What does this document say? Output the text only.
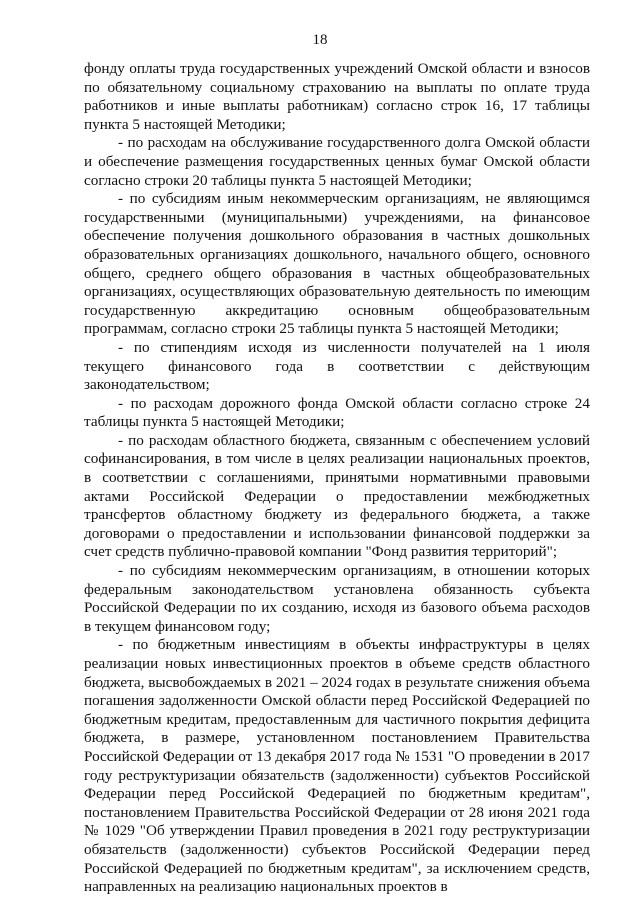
18

фонду оплаты труда государственных учреждений Омской области и взносов по обязательному социальному страхованию на выплаты по оплате труда работников и иные выплаты работникам) согласно строк 16, 17 таблицы пункта 5 настоящей Методики;

- по расходам на обслуживание государственного долга Омской области и обеспечение размещения государственных ценных бумаг Омской области согласно строки 20 таблицы пункта 5 настоящей Методики;

- по субсидиям иным некоммерческим организациям, не являющимся государственными (муниципальными) учреждениями, на финансовое обеспечение получения дошкольного образования в частных дошкольных образовательных организациях дошкольного, начального общего, основного общего, среднего общего образования в частных общеобразовательных организациях, осуществляющих образовательную деятельность по имеющим государственную аккредитацию основным общеобразовательным программам, согласно строки 25 таблицы пункта 5 настоящей Методики;

- по стипендиям исходя из численности получателей на 1 июля текущего финансового года в соответствии с действующим законодательством;

- по расходам дорожного фонда Омской области согласно строке 24 таблицы пункта 5 настоящей Методики;

- по расходам областного бюджета, связанным с обеспечением условий софинансирования, в том числе в целях реализации национальных проектов, в соответствии с соглашениями, принятыми нормативными правовыми актами Российской Федерации о предоставлении межбюджетных трансфертов областному бюджету из федерального бюджета, а также договорами о предоставлении и использовании финансовой поддержки за счет средств публично-правовой компании "Фонд развития территорий";

- по субсидиям некоммерческим организациям, в отношении которых федеральным законодательством установлена обязанность субъекта Российской Федерации по их созданию, исходя из базового объема расходов в текущем финансовом году;

- по бюджетным инвестициям в объекты инфраструктуры в целях реализации новых инвестиционных проектов в объеме средств областного бюджета, высвобождаемых в 2021 – 2024 годах в результате снижения объема погашения задолженности Омской области перед Российской Федерацией по бюджетным кредитам, предоставленным для частичного покрытия дефицита бюджета, в размере, установленном постановлением Правительства Российской Федерации от 13 декабря 2017 года № 1531 "О проведении в 2017 году реструктуризации обязательств (задолженности) субъектов Российской Федерации перед Российской Федерацией по бюджетным кредитам", постановлением Правительства Российской Федерации от 28 июня 2021 года № 1029 "Об утверждении Правил проведения в 2021 году реструктуризации обязательств (задолженности) субъектов Российской Федерации перед Российской Федерацией по бюджетным кредитам", за исключением средств, направленных на реализацию национальных проектов в
